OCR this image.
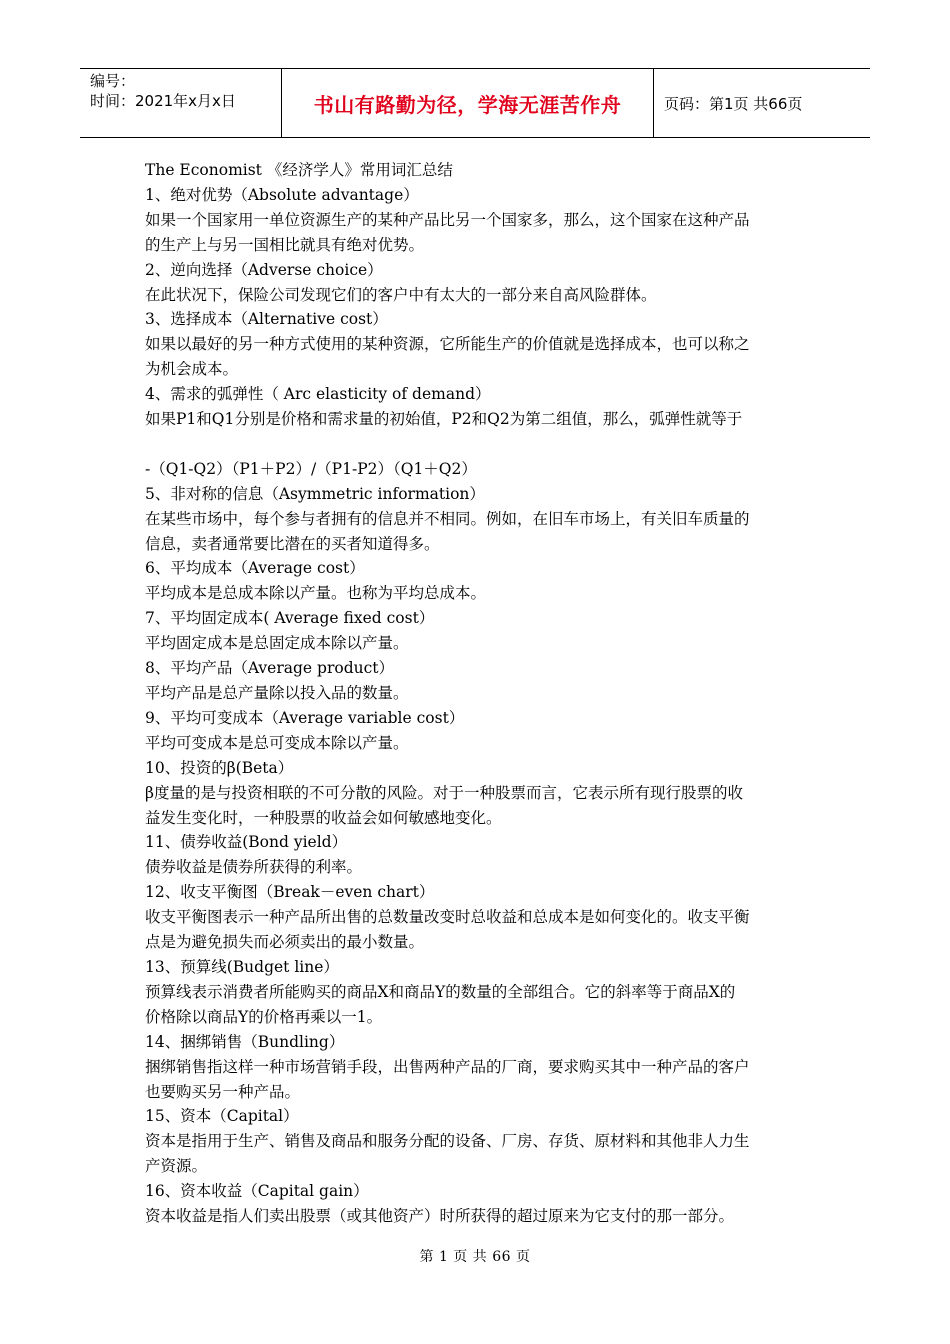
编号：
时间：2021年x月x日	书山有路勤为径，学海无涯苦作舟	页码：第1页 共66页

The Economist 《经济学人》常用词汇总结

1、绝对优势（Absolute advantage）

如果一个国家用一单位资源生产的某种产品比另一个国家多，那么，这个国家在这种产品

的生产上与另一国相比就具有绝对优势。

2、逆向选择（Adverse choice）

在此状况下，保险公司发现它们的客户中有太大的一部分来自高风险群体。

3、选择成本（Alternative cost）

如果以最好的另一种方式使用的某种资源，它所能生产的价值就是选择成本，也可以称之

为机会成本。

4、需求的弧弹性（ Arc elasticity of demand）

如果P1和Q1分别是价格和需求量的初始值，P2和Q2为第二组值，那么，弧弹性就等于

-（Q1-Q2）（P1＋P2）/（P1-P2）（Q1＋Q2）

5、非对称的信息（Asymmetric information）

在某些市场中，每个参与者拥有的信息并不相同。例如，在旧车市场上，有关旧车质量的

信息，卖者通常要比潜在的买者知道得多。

6、平均成本（Average cost）

平均成本是总成本除以产量。也称为平均总成本。

7、平均固定成本( Average fixed cost）

平均固定成本是总固定成本除以产量。

8、平均产品（Average product）

平均产品是总产量除以投入品的数量。

9、平均可变成本（Average variable cost）

平均可变成本是总可变成本除以产量。

10、投资的β(Beta）

β度量的是与投资相联的不可分散的风险。对于一种股票而言，它表示所有现行股票的收

益发生变化时，一种股票的收益会如何敏感地变化。

11、债券收益(Bond yield）

债券收益是债券所获得的利率。

12、收支平衡图（Break－even chart）

收支平衡图表示一种产品所出售的总数量改变时总收益和总成本是如何变化的。收支平衡

点是为避免损失而必须卖出的最小数量。

13、预算线(Budget line）

预算线表示消费者所能购买的商品X和商品Y的数量的全部组合。它的斜率等于商品X的

价格除以商品Y的价格再乘以一1。

14、捆绑销售（Bundling）

捆绑销售指这样一种市场营销手段，出售两种产品的厂商，要求购买其中一种产品的客户

也要购买另一种产品。

15、资本（Capital）

资本是指用于生产、销售及商品和服务分配的设备、厂房、存货、原材料和其他非人力生

产资源。

16、资本收益（Capital gain）

资本收益是指人们卖出股票（或其他资产）时所获得的超过原来为它支付的那一部分。

第 1 页 共 66 页
